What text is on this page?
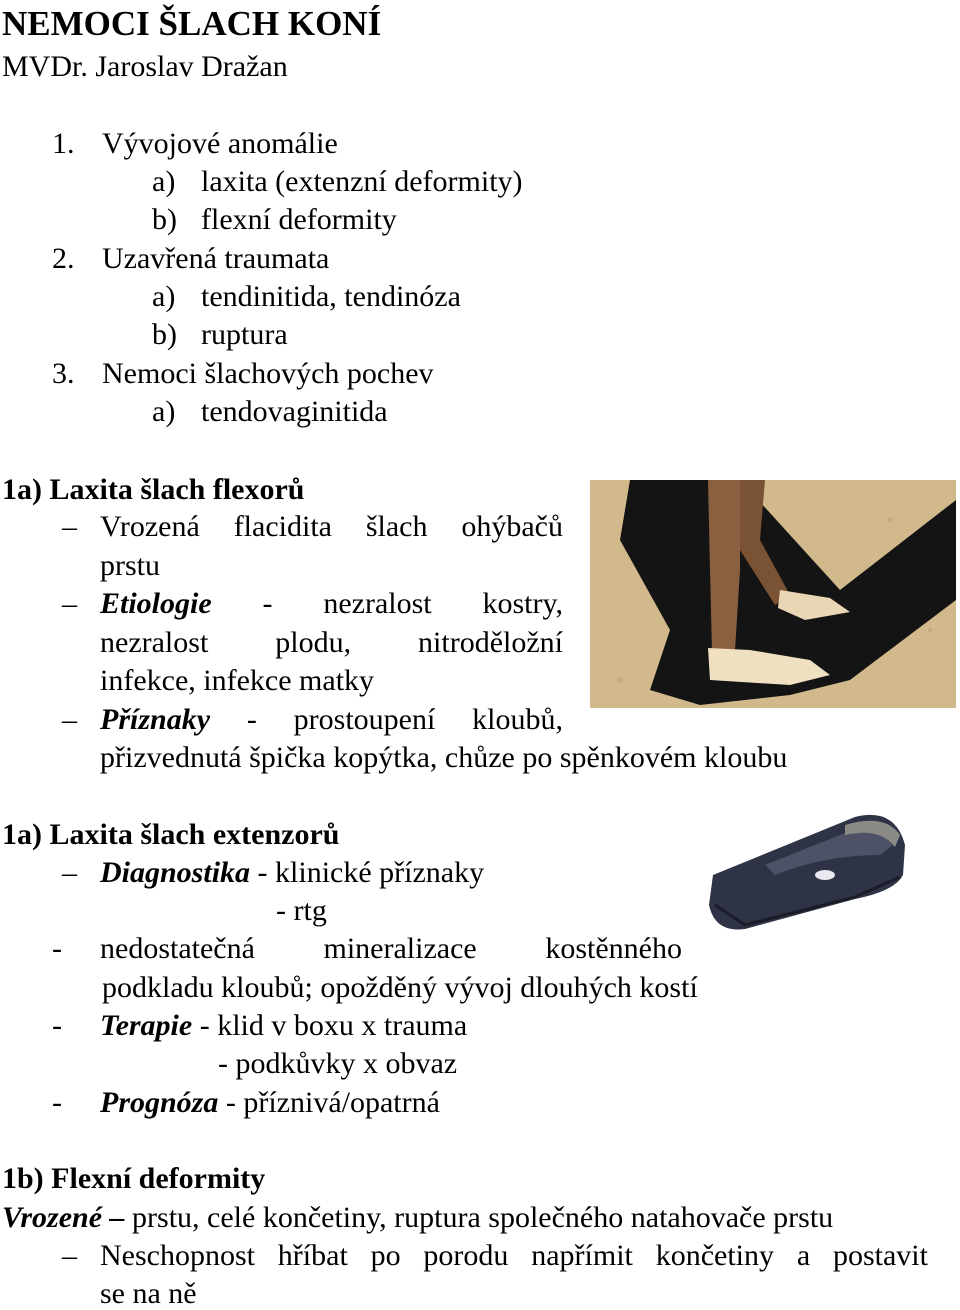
NEMOCI ŠLACH KONÍ
MVDr. Jaroslav Dražan
1. Vývojové anomálie
a) laxita (extenzní deformity)
b) flexní deformity
2. Uzavřená traumata
a) tendinitida, tendinóza
b) ruptura
3. Nemoci šlachových pochev
a) tendovaginitida
1a) Laxita šlach flexorů
– Vrozená flacidita šlach ohýbačů
prstu
– Etiologie - nezralost kostry,
nezralost plodu, nitroděložní
infekce, infekce matky
– Příznaky - prostoupení kloubů,
přizvednutá špička kopýtka, chůze po spěnkovém kloubu
1a) Laxita šlach extenzorů
– Diagnostika - klinické příznaky
- rtg
- nedostatečná mineralizace kostěnného
podkladu kloubů; opožděný vývoj dlouhých kostí
- Terapie - klid v boxu x trauma
- podkůvky x obvaz
- Prognóza - příznivá/opatrná
1b) Flexní deformity
Vrozené – prstu, celé končetiny, ruptura společného natahovače prstu
– Neschopnost hříbat po porodu napřímit končetiny a postavit
se na ně
